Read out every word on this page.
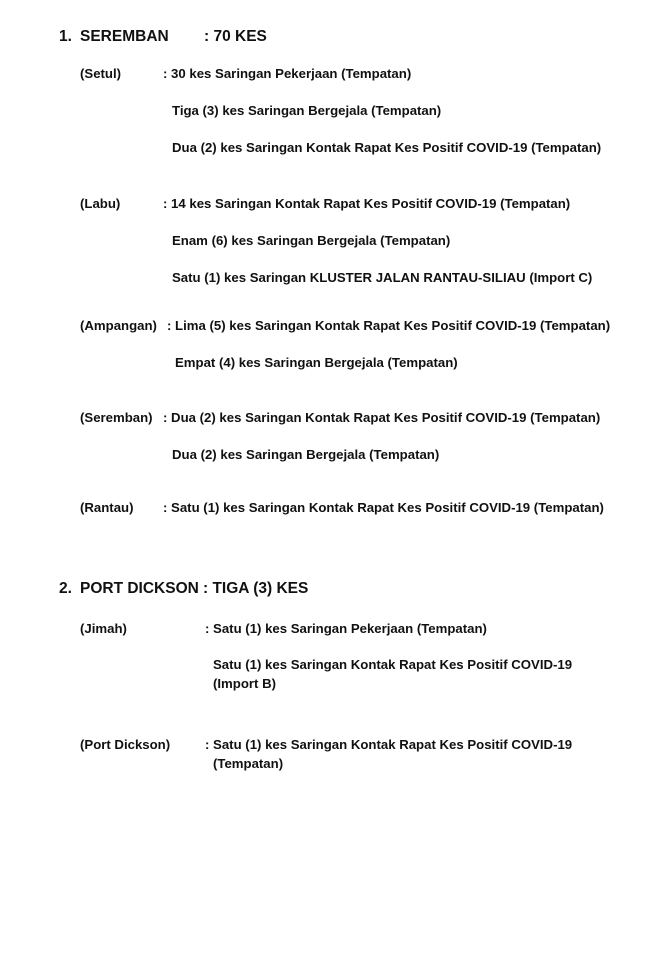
1. SEREMBAN : 70 KES
(Setul)	: 30 kes Saringan Pekerjaan (Tempatan)
Tiga (3) kes Saringan Bergejala (Tempatan)
Dua (2) kes Saringan Kontak Rapat Kes Positif COVID-19 (Tempatan)
(Labu)	: 14 kes Saringan Kontak Rapat Kes Positif COVID-19 (Tempatan)
Enam (6) kes Saringan Bergejala (Tempatan)
Satu (1) kes Saringan KLUSTER JALAN RANTAU-SILIAU (Import C)
(Ampangan) : Lima (5) kes Saringan Kontak Rapat Kes Positif COVID-19 (Tempatan)
Empat (4) kes Saringan Bergejala (Tempatan)
(Seremban) : Dua (2) kes Saringan Kontak Rapat Kes Positif COVID-19 (Tempatan)
Dua (2) kes Saringan Bergejala (Tempatan)
(Rantau) : Satu (1) kes Saringan Kontak Rapat Kes Positif COVID-19 (Tempatan)
2. PORT DICKSON : TIGA (3) KES
(Jimah)	: Satu (1) kes Saringan Pekerjaan (Tempatan)
Satu (1) kes Saringan Kontak Rapat Kes Positif COVID-19
(Import B)
(Port Dickson)	: Satu (1) kes Saringan Kontak Rapat Kes Positif COVID-19
(Tempatan)
